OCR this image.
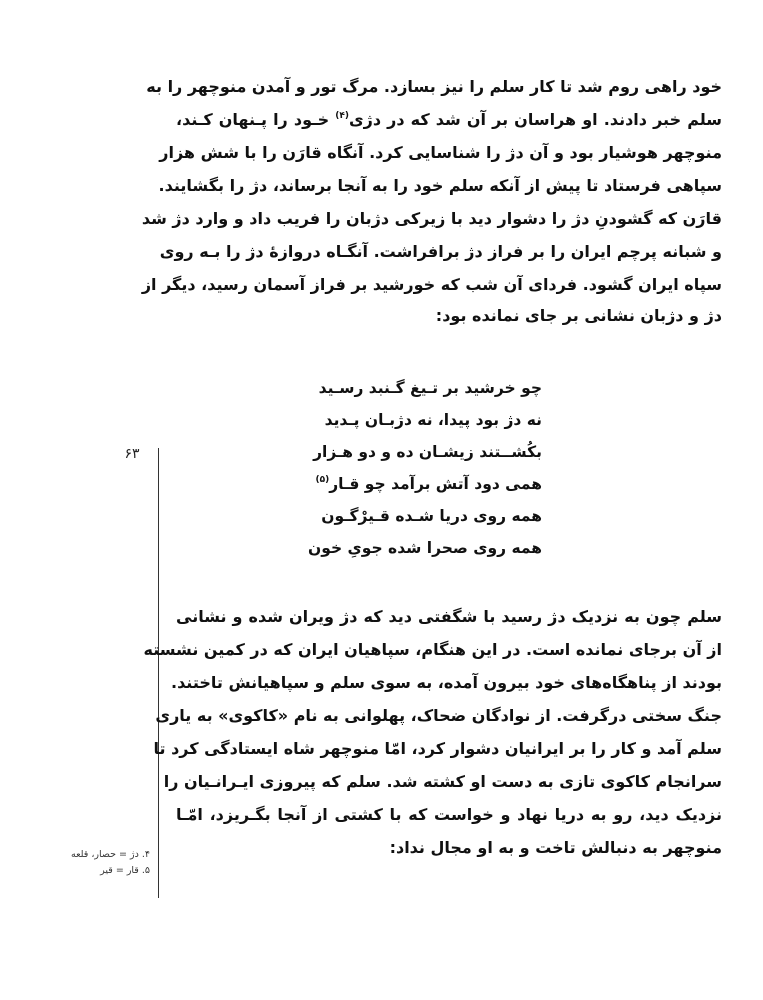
خود راهی روم شد تا کار سلم را نیز بسازد. مرگ تور و آمدن منوچهر را به
سلم خبر دادند. او هراسان بر آن شد که در دژی$^{(۴)}$ خـود را پـنهان کـند،
منوچهر هوشیار بود و آن دژ را شناسایی کرد. آنگاه قارَن را با شش هزار
سپاهی فرستاد تا پیش از آنکه سلم خود را به آنجا برساند، دژ را بگشایند.
قارَن که گشودنِ دژ را دشوار دید با زیرکی دژبان را فریب داد و وارد دژ شد
و شبانه پرچم ایران را بر فراز دژ برافراشت. آنگـاه دروازۀ دژ را بـه روی
سپاه ایران گشود. فردای آن شب که خورشید بر فراز آسمان رسید، دیگر از
دژ و دژبان نشانی بر جای نمانده بود:
چو خرشید بر تـیغ گـنبد رسـید
نه دژ بود پیدا، نه دژبـان پـدید
بکُشــتند زیشـان ده و دو هـزار
همی دود آتش برآمد چو قـار$^{(۵)}$
همه روی دریا شـده قـیرْگـون
همه روی صحرا شده جویِ خون
۶۳
سلم چون به نزدیک دژ رسید با شگفتی دید که دژ ویران شده و نشانی
از آن برجای نمانده است. در این هنگام، سپاهیان ایران که در کمین نشسته
بودند از پناهگاه‌های خود بیرون آمده، به سوی سلم و سپاهیانش تاختند.
جنگ سختی درگرفت. از نوادگان ضحاک، پهلوانی به نام «کاکوی» به یاری
سلم آمد و کار را بر ایرانیان دشوار کرد، امّا منوچهر شاه ایستادگی کرد تا
سرانجام کاکوی تازی به دست او کشته شد. سلم که پیروزی ایـرانـیان را
نزدیک دید، رو به دریا نهاد و خواست که با کشتی از آنجا بگـریزد، امّـا
منوچهر به دنبالش تاخت و به او مجال نداد:
۴. دژ = حصار، قلعه
۵. قار = قیر
